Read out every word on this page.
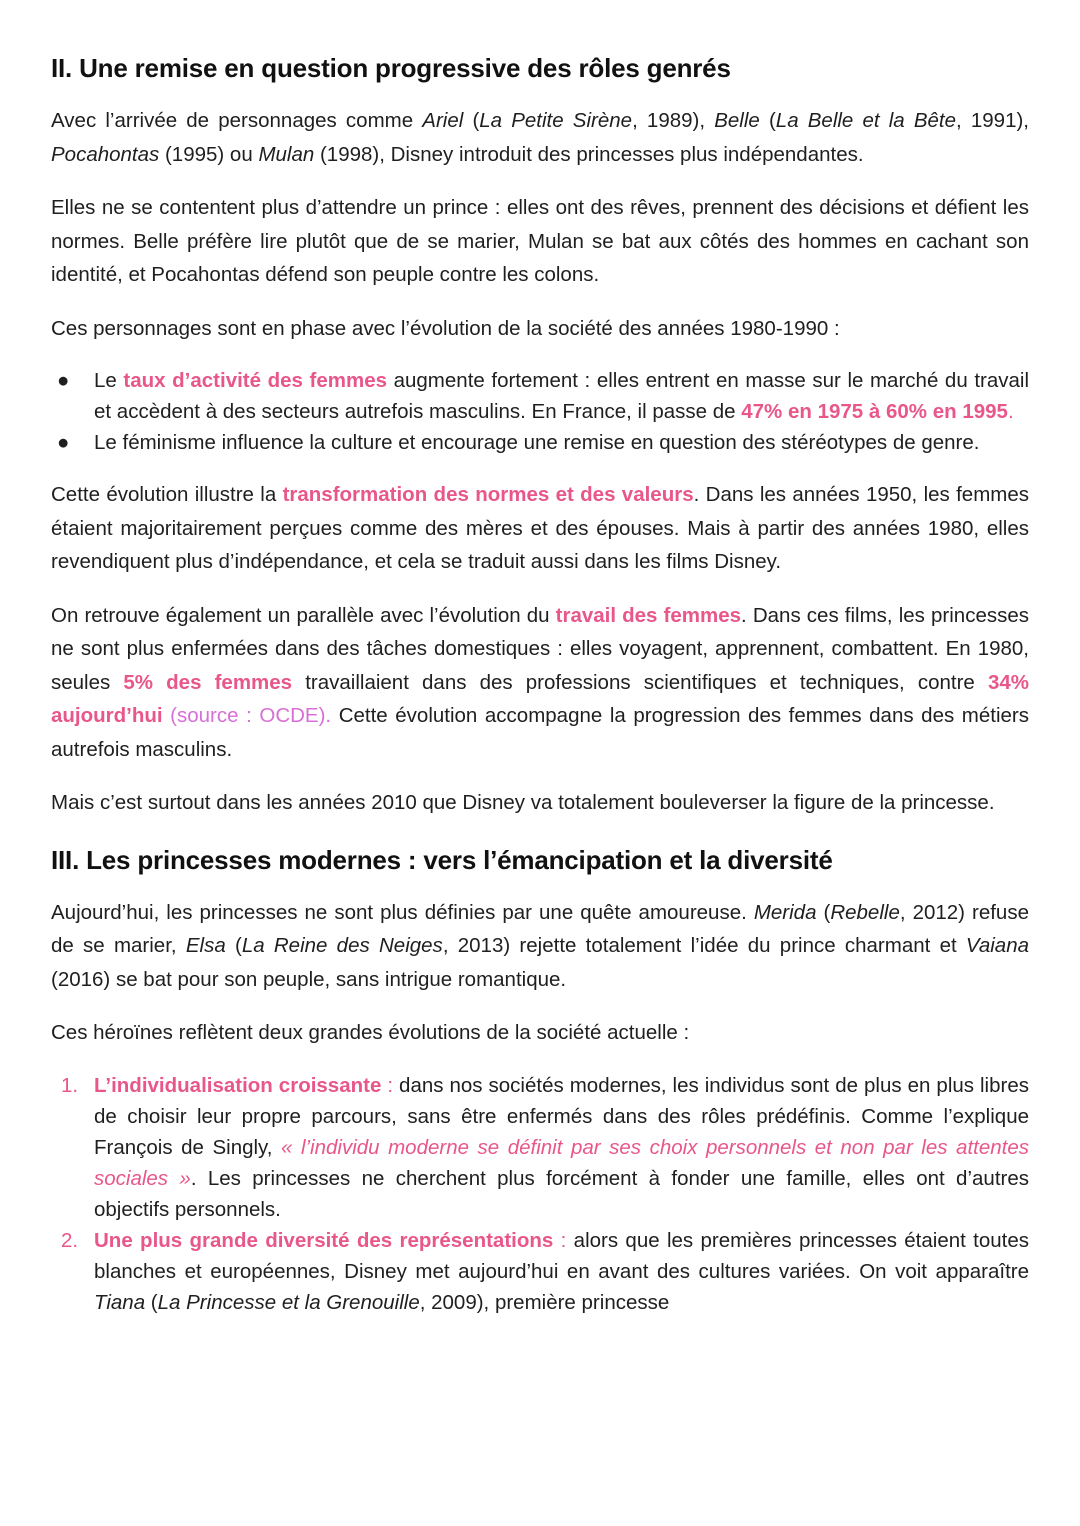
II. Une remise en question progressive des rôles genrés

Avec l’arrivée de personnages comme Ariel (La Petite Sirène, 1989), Belle (La Belle et la Bête, 1991), Pocahontas (1995) ou Mulan (1998), Disney introduit des princesses plus indépendantes.

Elles ne se contentent plus d’attendre un prince : elles ont des rêves, prennent des décisions et défient les normes. Belle préfère lire plutôt que de se marier, Mulan se bat aux côtés des hommes en cachant son identité, et Pocahontas défend son peuple contre les colons.

Ces personnages sont en phase avec l’évolution de la société des années 1980-1990 :

● Le taux d’activité des femmes augmente fortement : elles entrent en masse sur le marché du travail et accèdent à des secteurs autrefois masculins. En France, il passe de 47% en 1975 à 60% en 1995.
● Le féminisme influence la culture et encourage une remise en question des stéréotypes de genre.

Cette évolution illustre la transformation des normes et des valeurs. Dans les années 1950, les femmes étaient majoritairement perçues comme des mères et des épouses. Mais à partir des années 1980, elles revendiquent plus d’indépendance, et cela se traduit aussi dans les films Disney.

On retrouve également un parallèle avec l’évolution du travail des femmes. Dans ces films, les princesses ne sont plus enfermées dans des tâches domestiques : elles voyagent, apprennent, combattent. En 1980, seules 5% des femmes travaillaient dans des professions scientifiques et techniques, contre 34% aujourd’hui (source : OCDE). Cette évolution accompagne la progression des femmes dans des métiers autrefois masculins.

Mais c’est surtout dans les années 2010 que Disney va totalement bouleverser la figure de la princesse.

III. Les princesses modernes : vers l’émancipation et la diversité

Aujourd’hui, les princesses ne sont plus définies par une quête amoureuse. Merida (Rebelle, 2012) refuse de se marier, Elsa (La Reine des Neiges, 2013) rejette totalement l’idée du prince charmant et Vaiana (2016) se bat pour son peuple, sans intrigue romantique.

Ces héroïnes reflètent deux grandes évolutions de la société actuelle :

1. L’individualisation croissante : dans nos sociétés modernes, les individus sont de plus en plus libres de choisir leur propre parcours, sans être enfermés dans des rôles prédéfinis. Comme l’explique François de Singly, « l’individu moderne se définit par ses choix personnels et non par les attentes sociales ». Les princesses ne cherchent plus forcément à fonder une famille, elles ont d’autres objectifs personnels.
2. Une plus grande diversité des représentations : alors que les premières princesses étaient toutes blanches et européennes, Disney met aujourd’hui en avant des cultures variées. On voit apparaître Tiana (La Princesse et la Grenouille, 2009), première princesse
